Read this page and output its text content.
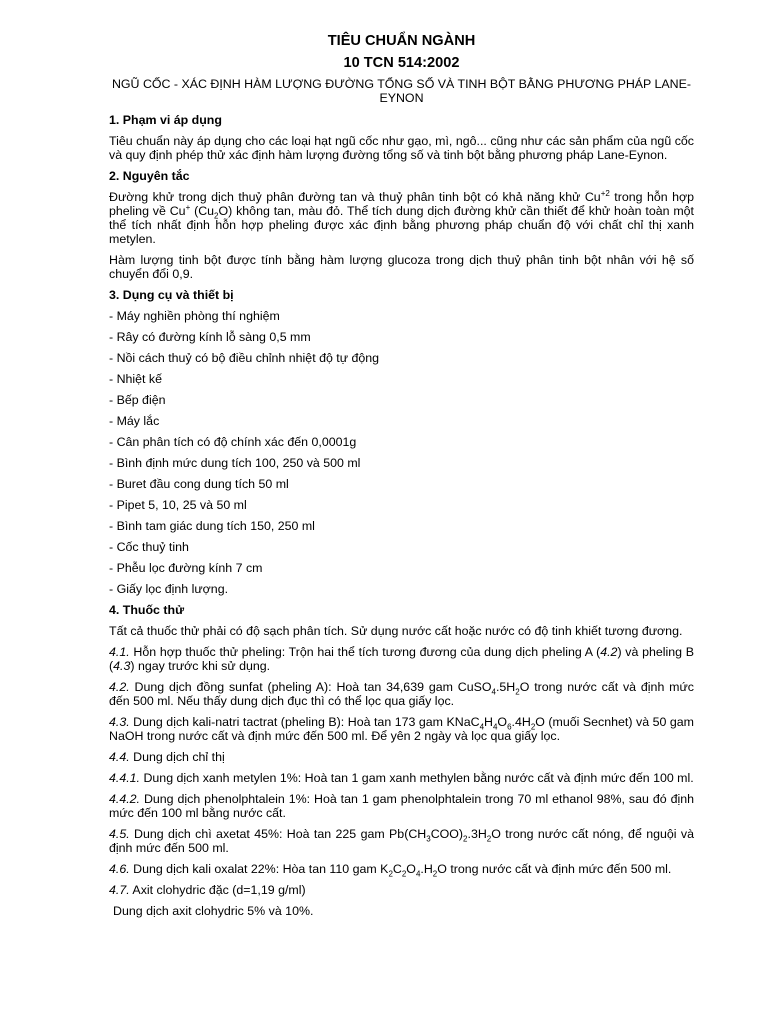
TIÊU CHUẨN NGÀNH
10 TCN 514:2002
NGŨ CỐC - XÁC ĐỊNH HÀM LƯỢNG ĐƯỜNG TỔNG SỐ VÀ TINH BỘT BẰNG PHƯƠNG PHÁP LANE-EYNON
1. Phạm vi áp dụng
Tiêu chuẩn này áp dụng cho các loại hạt ngũ cốc như gạo, mì, ngô... cũng như các sản phẩm của ngũ cốc và quy định phép thử xác định hàm lượng đường tổng số và tinh bột bằng phương pháp Lane-Eynon.
2. Nguyên tắc
Đường khử trong dịch thuỷ phân đường tan và thuỷ phân tinh bột có khả năng khử $Cu^{+2}$ trong hỗn hợp pheling về Cu+ $(Cu_2O)$ không tan, màu đỏ. Thể tích dung dịch đường khử cần thiết để khử hoàn toàn một thể tích nhất định hỗn hợp pheling được xác định bằng phương pháp chuẩn độ với chất chỉ thị xanh metylen.
Hàm lượng tinh bột được tính bằng hàm lượng glucoza trong dịch thuỷ phân tinh bột nhân với hệ số chuyển đổi 0,9.
3. Dụng cụ và thiết bị
- Máy nghiền phòng thí nghiệm
- Rây có đường kính lỗ sàng 0,5 mm
- Nồi cách thuỷ có bộ điều chỉnh nhiệt độ tự động
- Nhiệt kế
- Bếp điện
- Máy lắc
- Cân phân tích có độ chính xác đến 0,0001g
- Bình định mức dung tích 100, 250 và 500 ml
- Buret đầu cong dung tích 50 ml
- Pipet 5, 10, 25 và 50 ml
- Bình tam giác dung tích 150, 250 ml
- Cốc thuỷ tinh
- Phễu lọc đường kính 7 cm
- Giấy lọc định lượng.
4. Thuốc thử
Tất cả thuốc thử phải có độ sạch phân tích. Sử dụng nước cất hoặc nước có độ tinh khiết tương đương.
4.1. Hỗn hợp thuốc thử pheling: Trộn hai thể tích tương đương của dung dịch pheling A (4.2) và pheling B (4.3) ngay trước khi sử dụng.
4.2. Dung dịch đồng sunfat (pheling A): Hoà tan 34,639 gam $CuSO_4.5H_2O$ trong nước cất và định mức đến 500 ml. Nếu thấy dung dịch đục thì có thể lọc qua giấy lọc.
4.3. Dung dịch kali-natri tactrat (pheling B): Hoà tan 173 gam $KNaC_4H_4O_6.4H_2O$ (muối Secnhet) và 50 gam NaOH trong nước cất và định mức đến 500 ml. Để yên 2 ngày và lọc qua giấy lọc.
4.4. Dung dịch chỉ thị
4.4.1. Dung dịch xanh metylen 1%: Hoà tan 1 gam xanh methylen bằng nước cất và định mức đến 100 ml.
4.4.2. Dung dịch phenolphtalein 1%: Hoà tan 1 gam phenolphtalein trong 70 ml ethanol 98%, sau đó định mức đến 100 ml bằng nước cất.
4.5. Dung dịch chì axetat 45%: Hoà tan 225 gam $Pb(CH_3COO)_2.3H_2O$ trong nước cất nóng, để nguội và định mức đến 500 ml.
4.6. Dung dịch kali oxalat 22%: Hòa tan 110 gam $K_2C_2O_4.H_2O$ trong nước cất và định mức đến 500 ml.
4.7. Axit clohydric đặc (d=1,19 g/ml)
Dung dịch axit clohydric 5% và 10%.
